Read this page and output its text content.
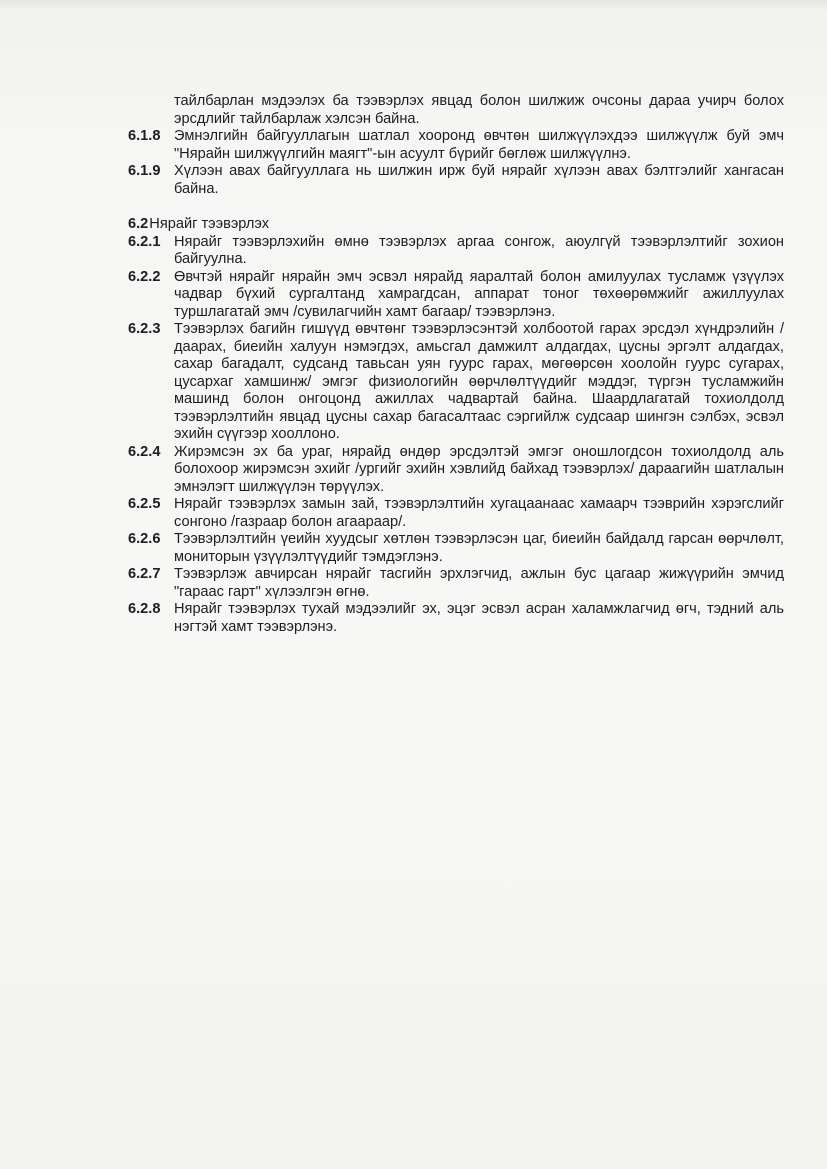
тайлбарлан мэдээлэх ба тээвэрлэх явцад болон шилжиж очсоны дараа учирч болох эрсдлийг тайлбарлаж хэлсэн байна.
6.1.8 Эмнэлгийн байгууллагын шатлал хооронд өвчтөн шилжүүлэхдээ шилжүүлж буй эмч "Нярайн шилжүүлгийн маягт"-ын асуулт бүрийг бөглөж шилжүүлнэ.
6.1.9 Хүлээн авах байгууллага нь шилжин ирж буй нярайг хүлээн авах бэлтгэлийг хангасан байна.
6.2 Нярайг тээвэрлэх
6.2.1 Нярайг тээвэрлэхийн өмнө тээвэрлэх аргаа сонгож, аюулгүй тээвэрлэлтийг зохион байгуулна.
6.2.2 Өвчтэй нярайг нярайн эмч эсвэл нярайд яаралтай болон амилуулах тусламж үзүүлэх чадвар бүхий сургалтанд хамрагдсан, аппарат тоног төхөөрөмжийг ажиллуулах туршлагатай эмч /сувилагчийн хамт багаар/ тээвэрлэнэ.
6.2.3 Тээвэрлэх багийн гишүүд өвчтөнг тээвэрлэсэнтэй холбоотой гарах эрсдэл хүндрэлийн /даарах, биеийн халуун нэмэгдэх, амьсгал дамжилт алдагдах, цусны эргэлт алдагдах, сахар багадалт, судсанд тавьсан уян гуурс гарах, мөгөөрсөн хоолойн гуурс сугарах, цусархаг хамшинж/ эмгэг физиологийн өөрчлөлтүүдийг мэддэг, түргэн тусламжийн машинд болон онгоцонд ажиллах чадвартай байна. Шаардлагатай тохиолдолд тээвэрлэлтийн явцад цусны сахар багасалтаас сэргийлж судсаар шингэн сэлбэх, эсвэл эхийн сүүгээр хооллоно.
6.2.4 Жирэмсэн эх ба ураг, нярайд өндөр эрсдэлтэй эмгэг оношлогдсон тохиолдолд аль болохоор жирэмсэн эхийг /ургийг эхийн хэвлийд байхад тээвэрлэх/ дараагийн шатлалын эмнэлэгт шилжүүлэн төрүүлэх.
6.2.5 Нярайг тээвэрлэх замын зай, тээвэрлэлтийн хугацаанаас хамаарч тээврийн хэрэгслийг сонгоно /газраар болон агаараар/.
6.2.6 Тээвэрлэлтийн үеийн хуудсыг хөтлөн тээвэрлэсэн цаг, биеийн байдалд гарсан өөрчлөлт, мониторын үзүүлэлтүүдийг тэмдэглэнэ.
6.2.7 Тээвэрлэж авчирсан нярайг тасгийн эрхлэгчид, ажлын бус цагаар жижүүрийн эмчид "гараас гарт" хүлээлгэн өгнө.
6.2.8 Нярайг тээвэрлэх тухай мэдээлийг эх, эцэг эсвэл асран халамжлагчид өгч, тэдний аль нэгтэй хамт тээвэрлэнэ.
